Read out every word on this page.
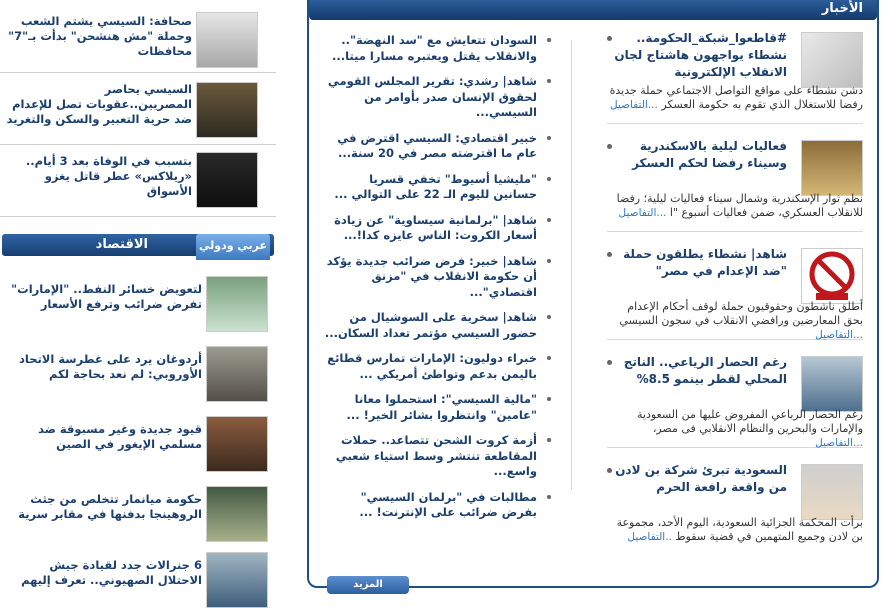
الأخبار
#قاطعوا_شبكة_الحكومة.. نشطاء يواجهون هاشتاج لجان الانقلاب الإلكترونية
دشن نشطاء على مواقع التواصل الاجتماعي حملة جديدة رفضا للاستغلال الذي تقوم به حكومة العسكر ...التفاصيل
فعاليات ليلية بالاسكندرية وسيناء رفضا لحكم العسكر
نظم ثوار الإسكندرية وشمال سيناء فعاليات ليلية؛ رفضا للانقلاب العسكري، ضمن فعاليات أسبوع "ا ...التفاصيل
شاهد| نشطاء يطلقون حملة "ضد الإعدام في مصر"
أطلق ناشطون وحقوقيون حملة لوقف أحكام الإعدام بحق المعارضين ورافضي الانقلاب في سجون السيسي ...التفاصيل
رغم الحصار الرياعي.. الناتج المحلي لقطر بينمو 8.5%
رغم الحصار الرباعي المفروض عليها من السعودية والإمارات والبحرين والنظام الانقلابي فى مصر، ...التفاصيل
السعودية تبرئ شركة بن لادن من واقعة رافعة الحرم
برأت المحكمة الجزائية السعودية، اليوم الأحد، مجموعة بن لادن وجميع المتهمين في قضية سقوط ..التفاصيل
السودان تتعايش مع "سد النهضة".. والانقلاب يقتل ويعتبره مسارا ميتا...
شاهد| رشدي: تقرير المجلس القومي لحقوق الإنسان صدر بأوامر من السيسي...
خبير اقتصادي: السيسي اقترض في عام ما اقترضته مصر في 20 سنة...
"مليشيا أسيوط" تخفي قسريا حسانين لليوم الـ 22 على التوالي ...
شاهد| "برلمانية سيساوية" عن زيادة أسعار الكروت: الناس عايزه كدا!...
شاهد| خبير: فرض ضرائب جديدة يؤكد أن حكومة الانقلاب في "مزنق اقتصادي"...
شاهد| سخرية على السوشيال من حضور السيسي مؤتمر تعداد السكان...
خبراء دوليون: الإمارات تمارس قطائع باليمن بدعم وتواطئ أمريكي ...
"مالية السيسي": استحملوا معانا "عامين" وانتظروا بشائر الخير! ...
أزمة كروت الشحن تتصاعد.. حملات المقاطعة تنتشر وسط استياء شعبي واسع...
مطالبات في "برلمان السيسي" بفرض ضرائب على الإنترنت! ...
المزيد
صحافة: السيسي يشتم الشعب وحملة "مش هنشحن" بدأت بـ"7" محافظات
السيسي يحاصر المصريين..عقوبات تصل للإعدام ضد حرية التعبير والسكن والتغريد
بتسبب في الوفاة بعد 3 أيام.. «ريلاكس» عطر قاتل يغزو الأسواق
الاقتصاد	عربي ودولي
لتعويض خسائر النفط.. "الإمارات" تفرض ضرائب وترفع الأسعار
أردوغان يرد على غطرسة الاتحاد الأوروبي: لم نعد بحاجة لكم
قيود جديدة وغير مسبوقة ضد مسلمي الإيغور في الصين
حكومة ميانمار تتخلص من جثث الروهينجا بدفنها في مقابر سرية
6 جنرالات جدد لقيادة جيش الاحتلال الصهيوني.. تعرف إليهم
